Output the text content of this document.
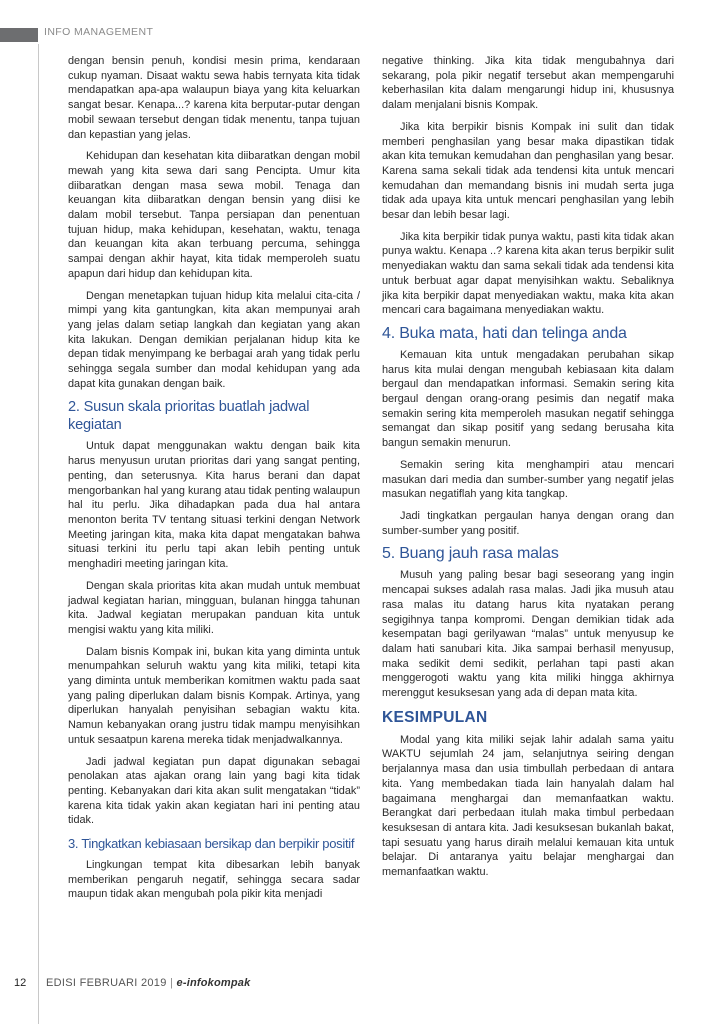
INFO MANAGEMENT

dengan bensin penuh, kondisi mesin prima, kendaraan cukup nyaman. Disaat waktu sewa habis ternyata kita tidak mendapatkan apa-apa walaupun biaya yang kita keluarkan sangat besar. Kenapa...? karena kita berputar-putar dengan mobil sewaan tersebut dengan tidak menentu, tanpa tujuan dan kepastian yang jelas.

Kehidupan dan kesehatan kita diibaratkan dengan mobil mewah yang kita sewa dari sang Pencipta. Umur kita diibaratkan dengan masa sewa mobil. Tenaga dan keuangan kita diibaratkan dengan bensin yang diisi ke dalam mobil tersebut. Tanpa persiapan dan penentuan tujuan hidup, maka kehidupan, kesehatan, waktu, tenaga dan keuangan kita akan terbuang percuma, sehingga sampai dengan akhir hayat, kita tidak memperoleh suatu apapun dari hidup dan kehidupan kita.

Dengan menetapkan tujuan hidup kita melalui cita-cita / mimpi yang kita gantungkan, kita akan mempunyai arah yang jelas dalam setiap langkah dan kegiatan yang akan kita lakukan. Dengan demikian perjalanan hidup kita ke depan tidak menyimpang ke berbagai arah yang tidak perlu sehingga segala sumber dan modal kehidupan yang ada dapat kita gunakan dengan baik.

2. Susun skala prioritas buatlah jadwal kegiatan

Untuk dapat menggunakan waktu dengan baik kita harus menyusun urutan prioritas dari yang sangat penting, penting, dan seterusnya. Kita harus berani dan dapat mengorbankan hal yang kurang atau tidak penting walaupun hal itu perlu. Jika dihadapkan pada dua hal antara menonton berita TV tentang situasi terkini dengan Network Meeting jaringan kita, maka kita dapat mengatakan bahwa situasi terkini itu perlu tapi akan lebih penting untuk menghadiri meeting jaringan kita.

Dengan skala prioritas kita akan mudah untuk membuat jadwal kegiatan harian, mingguan, bulanan hingga tahunan kita. Jadwal kegiatan merupakan panduan kita untuk mengisi waktu yang kita miliki.

Dalam bisnis Kompak ini, bukan kita yang diminta untuk menumpahkan seluruh waktu yang kita miliki, tetapi kita yang diminta untuk memberikan komitmen waktu pada saat yang paling diperlukan dalam bisnis Kompak. Artinya, yang diperlukan hanyalah penyisihan sebagian waktu kita. Namun kebanyakan orang justru tidak mampu menyisihkan untuk sesaatpun karena mereka tidak menjadwalkannya.

Jadi jadwal kegiatan pun dapat digunakan sebagai penolakan atas ajakan orang lain yang bagi kita tidak penting. Kebanyakan dari kita akan sulit mengatakan “tidak” karena kita tidak yakin akan kegiatan hari ini penting atau tidak.

3. Tingkatkan kebiasaan bersikap dan berpikir positif

Lingkungan tempat kita dibesarkan lebih banyak memberikan pengaruh negatif, sehingga secara sadar maupun tidak akan mengubah pola pikir kita menjadi

negative thinking. Jika kita tidak mengubahnya dari sekarang, pola pikir negatif tersebut akan mempengaruhi keberhasilan kita dalam mengarungi hidup ini, khususnya dalam menjalani bisnis Kompak.

Jika kita berpikir bisnis Kompak ini sulit dan tidak memberi penghasilan yang besar maka dipastikan tidak akan kita temukan kemudahan dan penghasilan yang besar. Karena sama sekali tidak ada tendensi kita untuk mencari kemudahan dan memandang bisnis ini mudah serta juga tidak ada upaya kita untuk mencari penghasilan yang lebih besar dan lebih besar lagi.

Jika kita berpikir tidak punya waktu, pasti kita tidak akan punya waktu. Kenapa ..? karena kita akan terus berpikir sulit menyediakan waktu dan sama sekali tidak ada tendensi kita untuk berbuat agar dapat menyisihkan waktu. Sebaliknya jika kita berpikir dapat menyediakan waktu, maka kita akan mencari cara bagaimana menyediakan waktu.

4. Buka mata, hati dan telinga anda

Kemauan kita untuk mengadakan perubahan sikap harus kita mulai dengan mengubah kebiasaan kita dalam bergaul dan mendapatkan informasi. Semakin sering kita bergaul dengan orang-orang pesimis dan negatif maka semakin sering kita memperoleh masukan negatif sehingga semangat dan sikap positif yang sedang berusaha kita bangun semakin menurun.

Semakin sering kita menghampiri atau mencari masukan dari media dan sumber-sumber yang negatif jelas masukan negatiflah yang kita tangkap.

Jadi tingkatkan pergaulan hanya dengan orang dan sumber-sumber yang positif.

5. Buang jauh rasa malas

Musuh yang paling besar bagi seseorang yang ingin mencapai sukses adalah rasa malas. Jadi jika musuh atau rasa malas itu datang harus kita nyatakan perang segigihnya tanpa kompromi. Dengan demikian tidak ada kesempatan bagi gerilyawan “malas” untuk menyusup ke dalam hati sanubari kita. Jika sampai berhasil menyusup, maka sedikit demi sedikit, perlahan tapi pasti akan menggerogoti waktu yang kita miliki hingga akhirnya merenggut kesuksesan yang ada di depan mata kita.

KESIMPULAN

Modal yang kita miliki sejak lahir adalah sama yaitu WAKTU sejumlah 24 jam, selanjutnya seiring dengan berjalannya masa dan usia timbullah perbedaan di antara kita. Yang membedakan tiada lain hanyalah dalam hal bagaimana menghargai dan memanfaatkan waktu. Berangkat dari perbedaan itulah maka timbul perbedaan kesuksesan di antara kita. Jadi kesuksesan bukanlah bakat, tapi sesuatu yang harus diraih melalui kemauan kita untuk belajar. Di antaranya yaitu belajar menghargai dan memanfaatkan waktu.

12 EDISI FEBRUARI 2019 | e-infokompak
